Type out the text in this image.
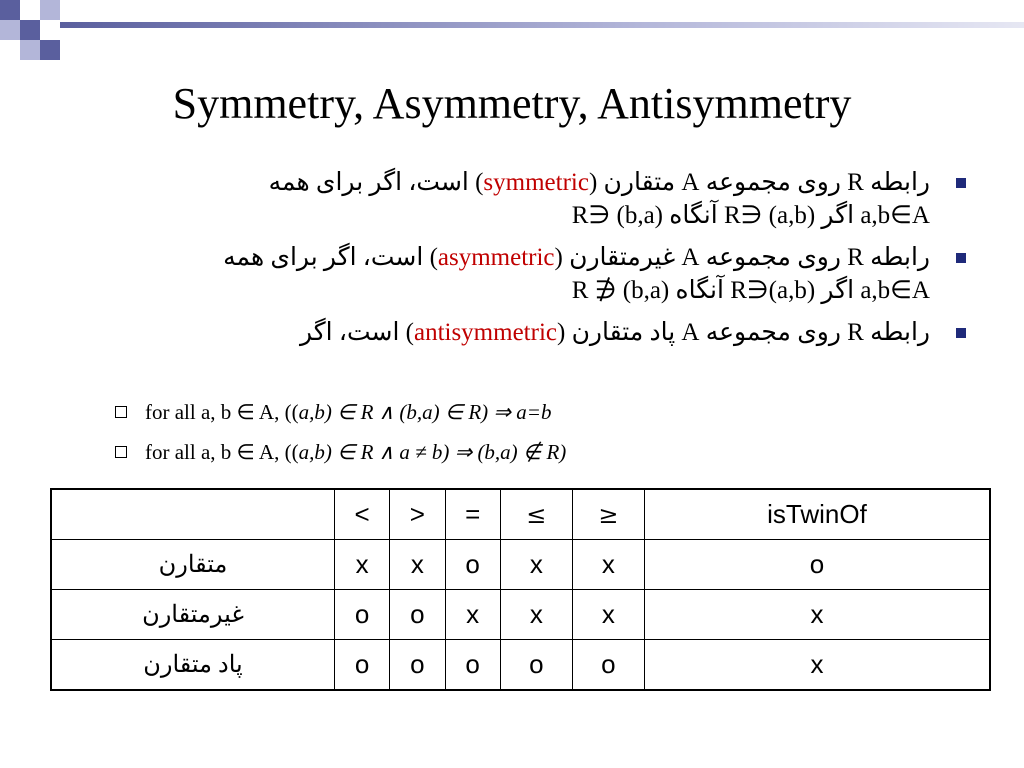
Symmetry, Asymmetry, Antisymmetry
رابطه R روی مجموعه A متقارن (symmetric) است، اگر برای همه
a,b∈A اگر (a,b) ∈R آنگاه (b,a) ∈R
رابطه R روی مجموعه A غیرمتقارن (asymmetric) است، اگر برای همه
a,b∈A اگر (a,b)∈R آنگاه (b,a) ∉ R
رابطه R روی مجموعه A پاد متقارن (antisymmetric) است، اگر
for all a, b ∈ A, ((a,b) ∈ R ∧ (b,a) ∈ R) ⇒ a=b
for all a, b ∈ A, ((a,b) ∈ R ∧ a ≠ b) ⇒ (b,a) ∉ R)
	<	>	=	≤	≥	isTwinOf
متقارن	x	x	o	x	x	o
غیرمتقارن	o	o	x	x	x	x
پاد متقارن	o	o	o	o	o	x
